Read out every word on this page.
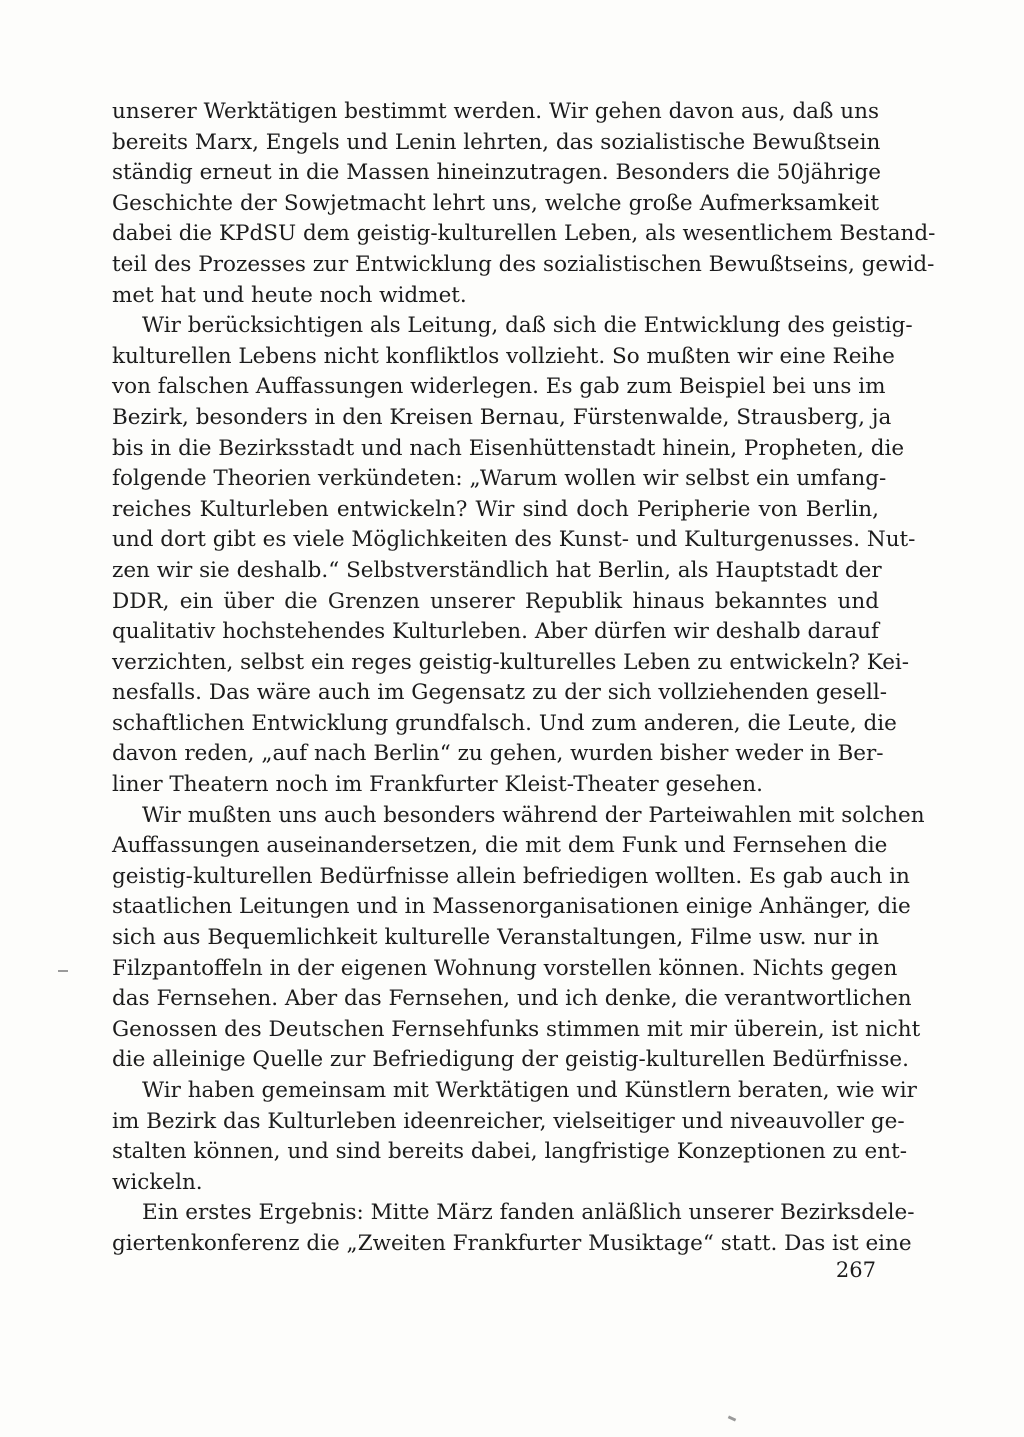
unserer Werktätigen bestimmt werden. Wir gehen davon aus, daß uns
bereits Marx, Engels und Lenin lehrten, das sozialistische Bewußtsein
ständig erneut in die Massen hineinzutragen. Besonders die 50jährige
Geschichte der Sowjetmacht lehrt uns, welche große Aufmerksamkeit
dabei die KPdSU dem geistig-kulturellen Leben, als wesentlichem Bestand-
teil des Prozesses zur Entwicklung des sozialistischen Bewußtseins, gewid-
met hat und heute noch widmet.
Wir berücksichtigen als Leitung, daß sich die Entwicklung des geistig-
kulturellen Lebens nicht konfliktlos vollzieht. So mußten wir eine Reihe
von falschen Auffassungen widerlegen. Es gab zum Beispiel bei uns im
Bezirk, besonders in den Kreisen Bernau, Fürstenwalde, Strausberg, ja
bis in die Bezirksstadt und nach Eisenhüttenstadt hinein, Propheten, die
folgende Theorien verkündeten: „Warum wollen wir selbst ein umfang-
reiches Kulturleben entwickeln? Wir sind doch Peripherie von Berlin,
und dort gibt es viele Möglichkeiten des Kunst- und Kulturgenusses. Nut-
zen wir sie deshalb.“ Selbstverständlich hat Berlin, als Hauptstadt der
DDR, ein über die Grenzen unserer Republik hinaus bekanntes und
qualitativ hochstehendes Kulturleben. Aber dürfen wir deshalb darauf
verzichten, selbst ein reges geistig-kulturelles Leben zu entwickeln? Kei-
nesfalls. Das wäre auch im Gegensatz zu der sich vollziehenden gesell-
schaftlichen Entwicklung grundfalsch. Und zum anderen, die Leute, die
davon reden, „auf nach Berlin“ zu gehen, wurden bisher weder in Ber-
liner Theatern noch im Frankfurter Kleist-Theater gesehen.
Wir mußten uns auch besonders während der Parteiwahlen mit solchen
Auffassungen auseinandersetzen, die mit dem Funk und Fernsehen die
geistig-kulturellen Bedürfnisse allein befriedigen wollten. Es gab auch in
staatlichen Leitungen und in Massenorganisationen einige Anhänger, die
sich aus Bequemlichkeit kulturelle Veranstaltungen, Filme usw. nur in
Filzpantoffeln in der eigenen Wohnung vorstellen können. Nichts gegen
das Fernsehen. Aber das Fernsehen, und ich denke, die verantwortlichen
Genossen des Deutschen Fernsehfunks stimmen mit mir überein, ist nicht
die alleinige Quelle zur Befriedigung der geistig-kulturellen Bedürfnisse.
Wir haben gemeinsam mit Werktätigen und Künstlern beraten, wie wir
im Bezirk das Kulturleben ideenreicher, vielseitiger und niveauvoller ge-
stalten können, und sind bereits dabei, langfristige Konzeptionen zu ent-
wickeln.
Ein erstes Ergebnis: Mitte März fanden anläßlich unserer Bezirksdele-
giertenkonferenz die „Zweiten Frankfurter Musiktage“ statt. Das ist eine
267
